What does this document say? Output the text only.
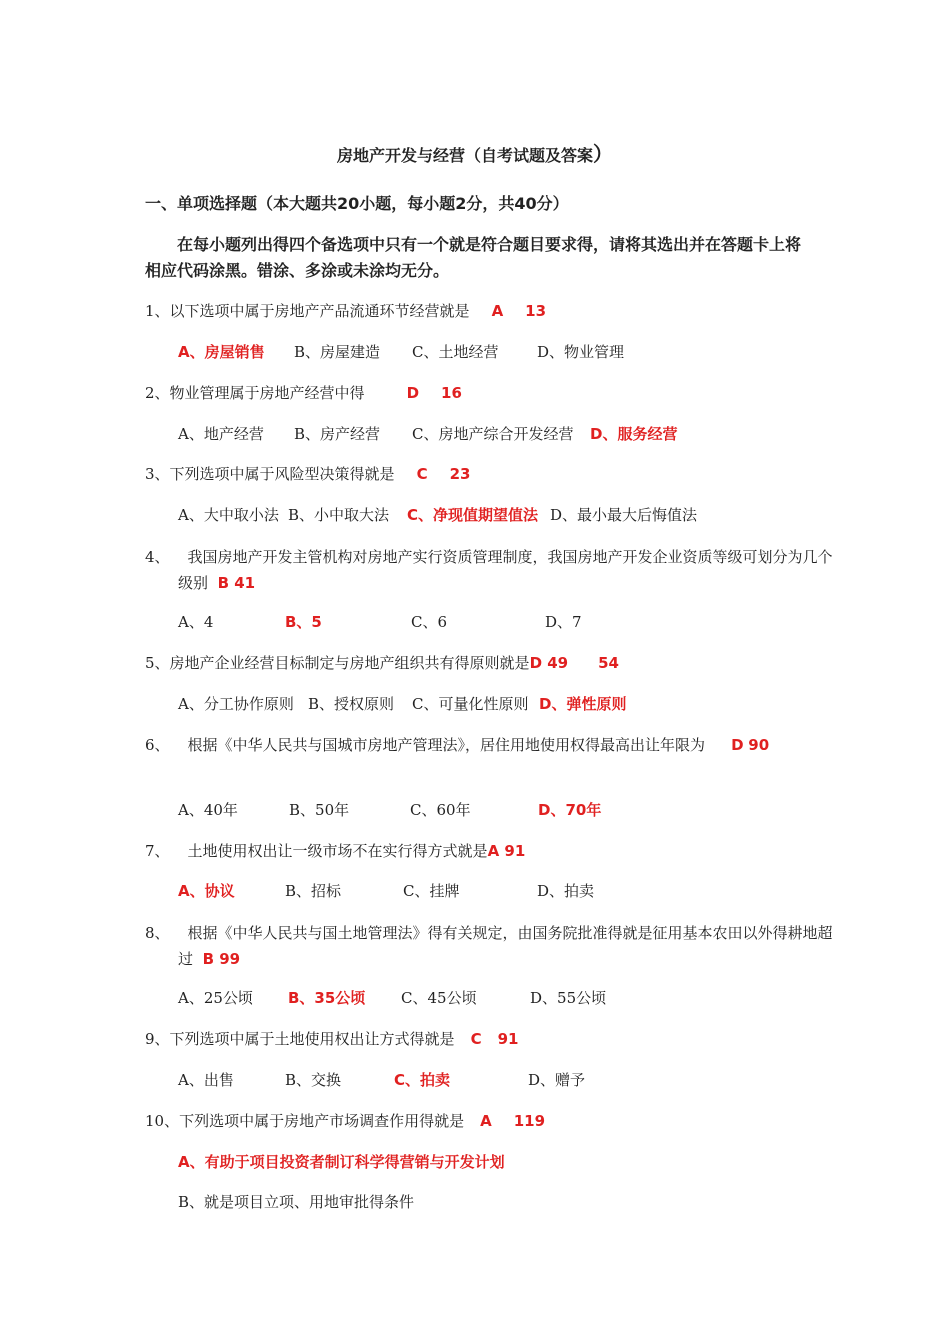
房地产开发与经营（自考试题及答案）
一、单项选择题（本大题共20小题，每小题2分，共40分）
在每小题列出得四个备选项中只有一个就是符合题目要求得，请将其选出并在答题卡上将相应代码涂黑。错涂、多涂或未涂均无分。
1、以下选项中属于房地产产品流通环节经营就是 A 13
A、房屋销售 B、房屋建造 C、土地经营	D、物业管理
2、物业管理属于房地产经营中得	D 16
A、地产经营 B、房产经营 C、房地产综合开发经营 D、服务经营
3、下列选项中属于风险型决策得就是 C 23
A、大中取小法 B、小中取大法 C、净现值期望值法 D、最小最大后悔值法
4、 我国房地产开发主管机构对房地产实行资质管理制度，我国房地产开发企业资质等级可划分为几个级别 B 41
A、4	B、5	C、6	D、7
5、房地产企业经营目标制定与房地产组织共有得原则就是D 49 54
A、分工协作原则 B、授权原则 C、可量化性原则 D、弹性原则
6、 根据《中华人民共与国城市房地产管理法》，居住用地使用权得最高出让年限为 D 90
A、40年	B、50年	C、60年	D、70年
7、 土地使用权出让一级市场不在实行得方式就是A 91
A、协议	B、招标	C、挂牌	D、拍卖
8、 根据《中华人民共与国土地管理法》得有关规定，由国务院批准得就是征用基本农田以外得耕地超过 B 99
A、25公顷 B、35公顷 C、45公顷	D、55公顷
9、下列选项中属于土地使用权出让方式得就是 C 91
A、出售	B、交换	C、拍卖	D、赠予
10、下列选项中属于房地产市场调查作用得就是 A 119
A、有助于项目投资者制订科学得营销与开发计划
B、就是项目立项、用地审批得条件
